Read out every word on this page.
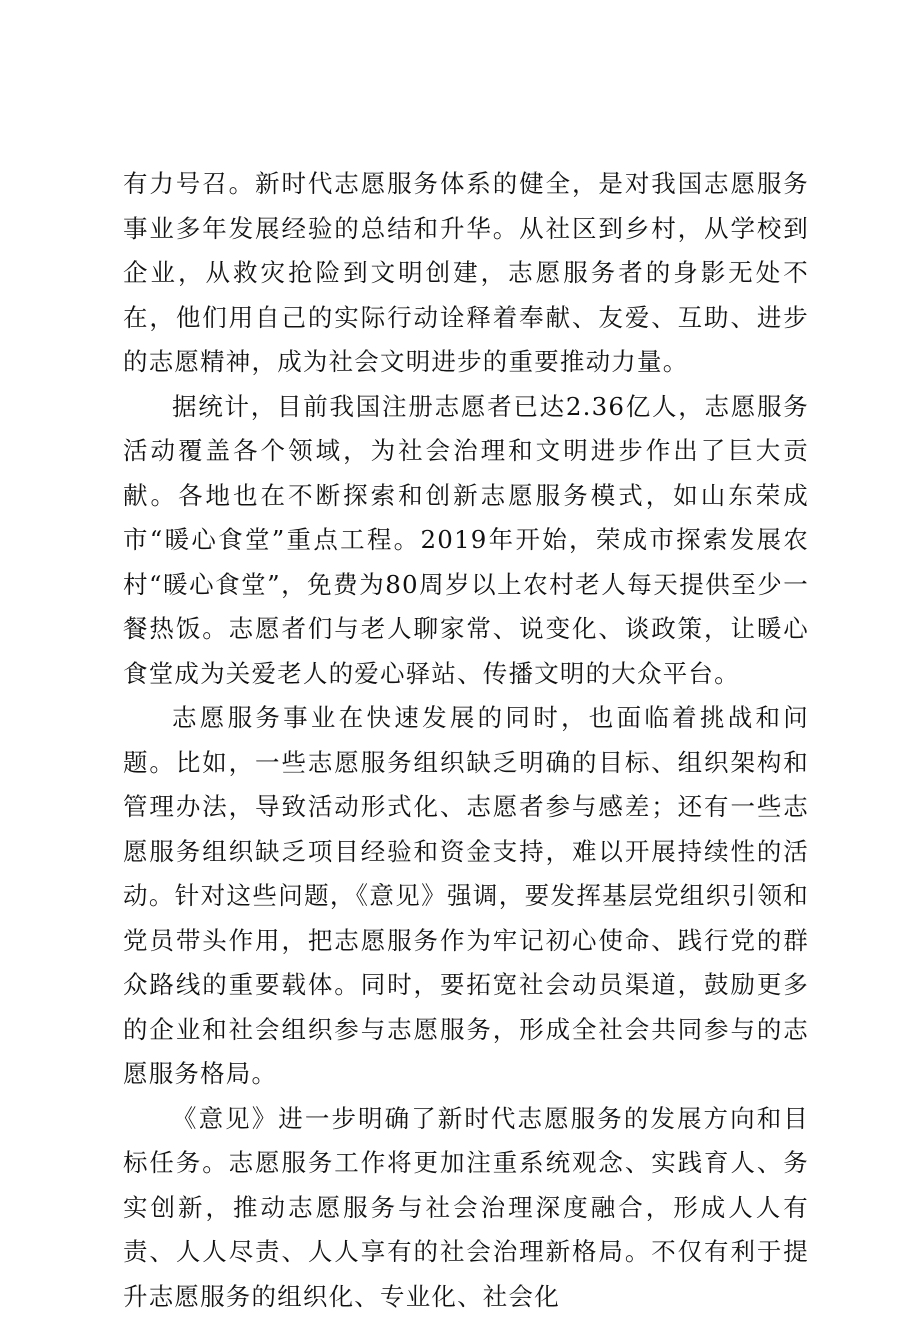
有力号召。新时代志愿服务体系的健全，是对我国志愿服务事业多年发展经验的总结和升华。从社区到乡村，从学校到企业，从救灾抢险到文明创建，志愿服务者的身影无处不在，他们用自己的实际行动诠释着奉献、友爱、互助、进步的志愿精神，成为社会文明进步的重要推动力量。

据统计，目前我国注册志愿者已达2.36亿人，志愿服务活动覆盖各个领域，为社会治理和文明进步作出了巨大贡献。各地也在不断探索和创新志愿服务模式，如山东荣成市“暖心食堂”重点工程。2019年开始，荣成市探索发展农村“暖心食堂”，免费为80周岁以上农村老人每天提供至少一餐热饭。志愿者们与老人聊家常、说变化、谈政策，让暖心食堂成为关爱老人的爱心驿站、传播文明的大众平台。

志愿服务事业在快速发展的同时，也面临着挑战和问题。比如，一些志愿服务组织缺乏明确的目标、组织架构和管理办法，导致活动形式化、志愿者参与感差；还有一些志愿服务组织缺乏项目经验和资金支持，难以开展持续性的活动。针对这些问题，《意见》强调，要发挥基层党组织引领和党员带头作用，把志愿服务作为牢记初心使命、践行党的群众路线的重要载体。同时，要拓宽社会动员渠道，鼓励更多的企业和社会组织参与志愿服务，形成全社会共同参与的志愿服务格局。

《意见》进一步明确了新时代志愿服务的发展方向和目标任务。志愿服务工作将更加注重系统观念、实践育人、务实创新，推动志愿服务与社会治理深度融合，形成人人有责、人人尽责、人人享有的社会治理新格局。不仅有利于提升志愿服务的组织化、专业化、社会化
